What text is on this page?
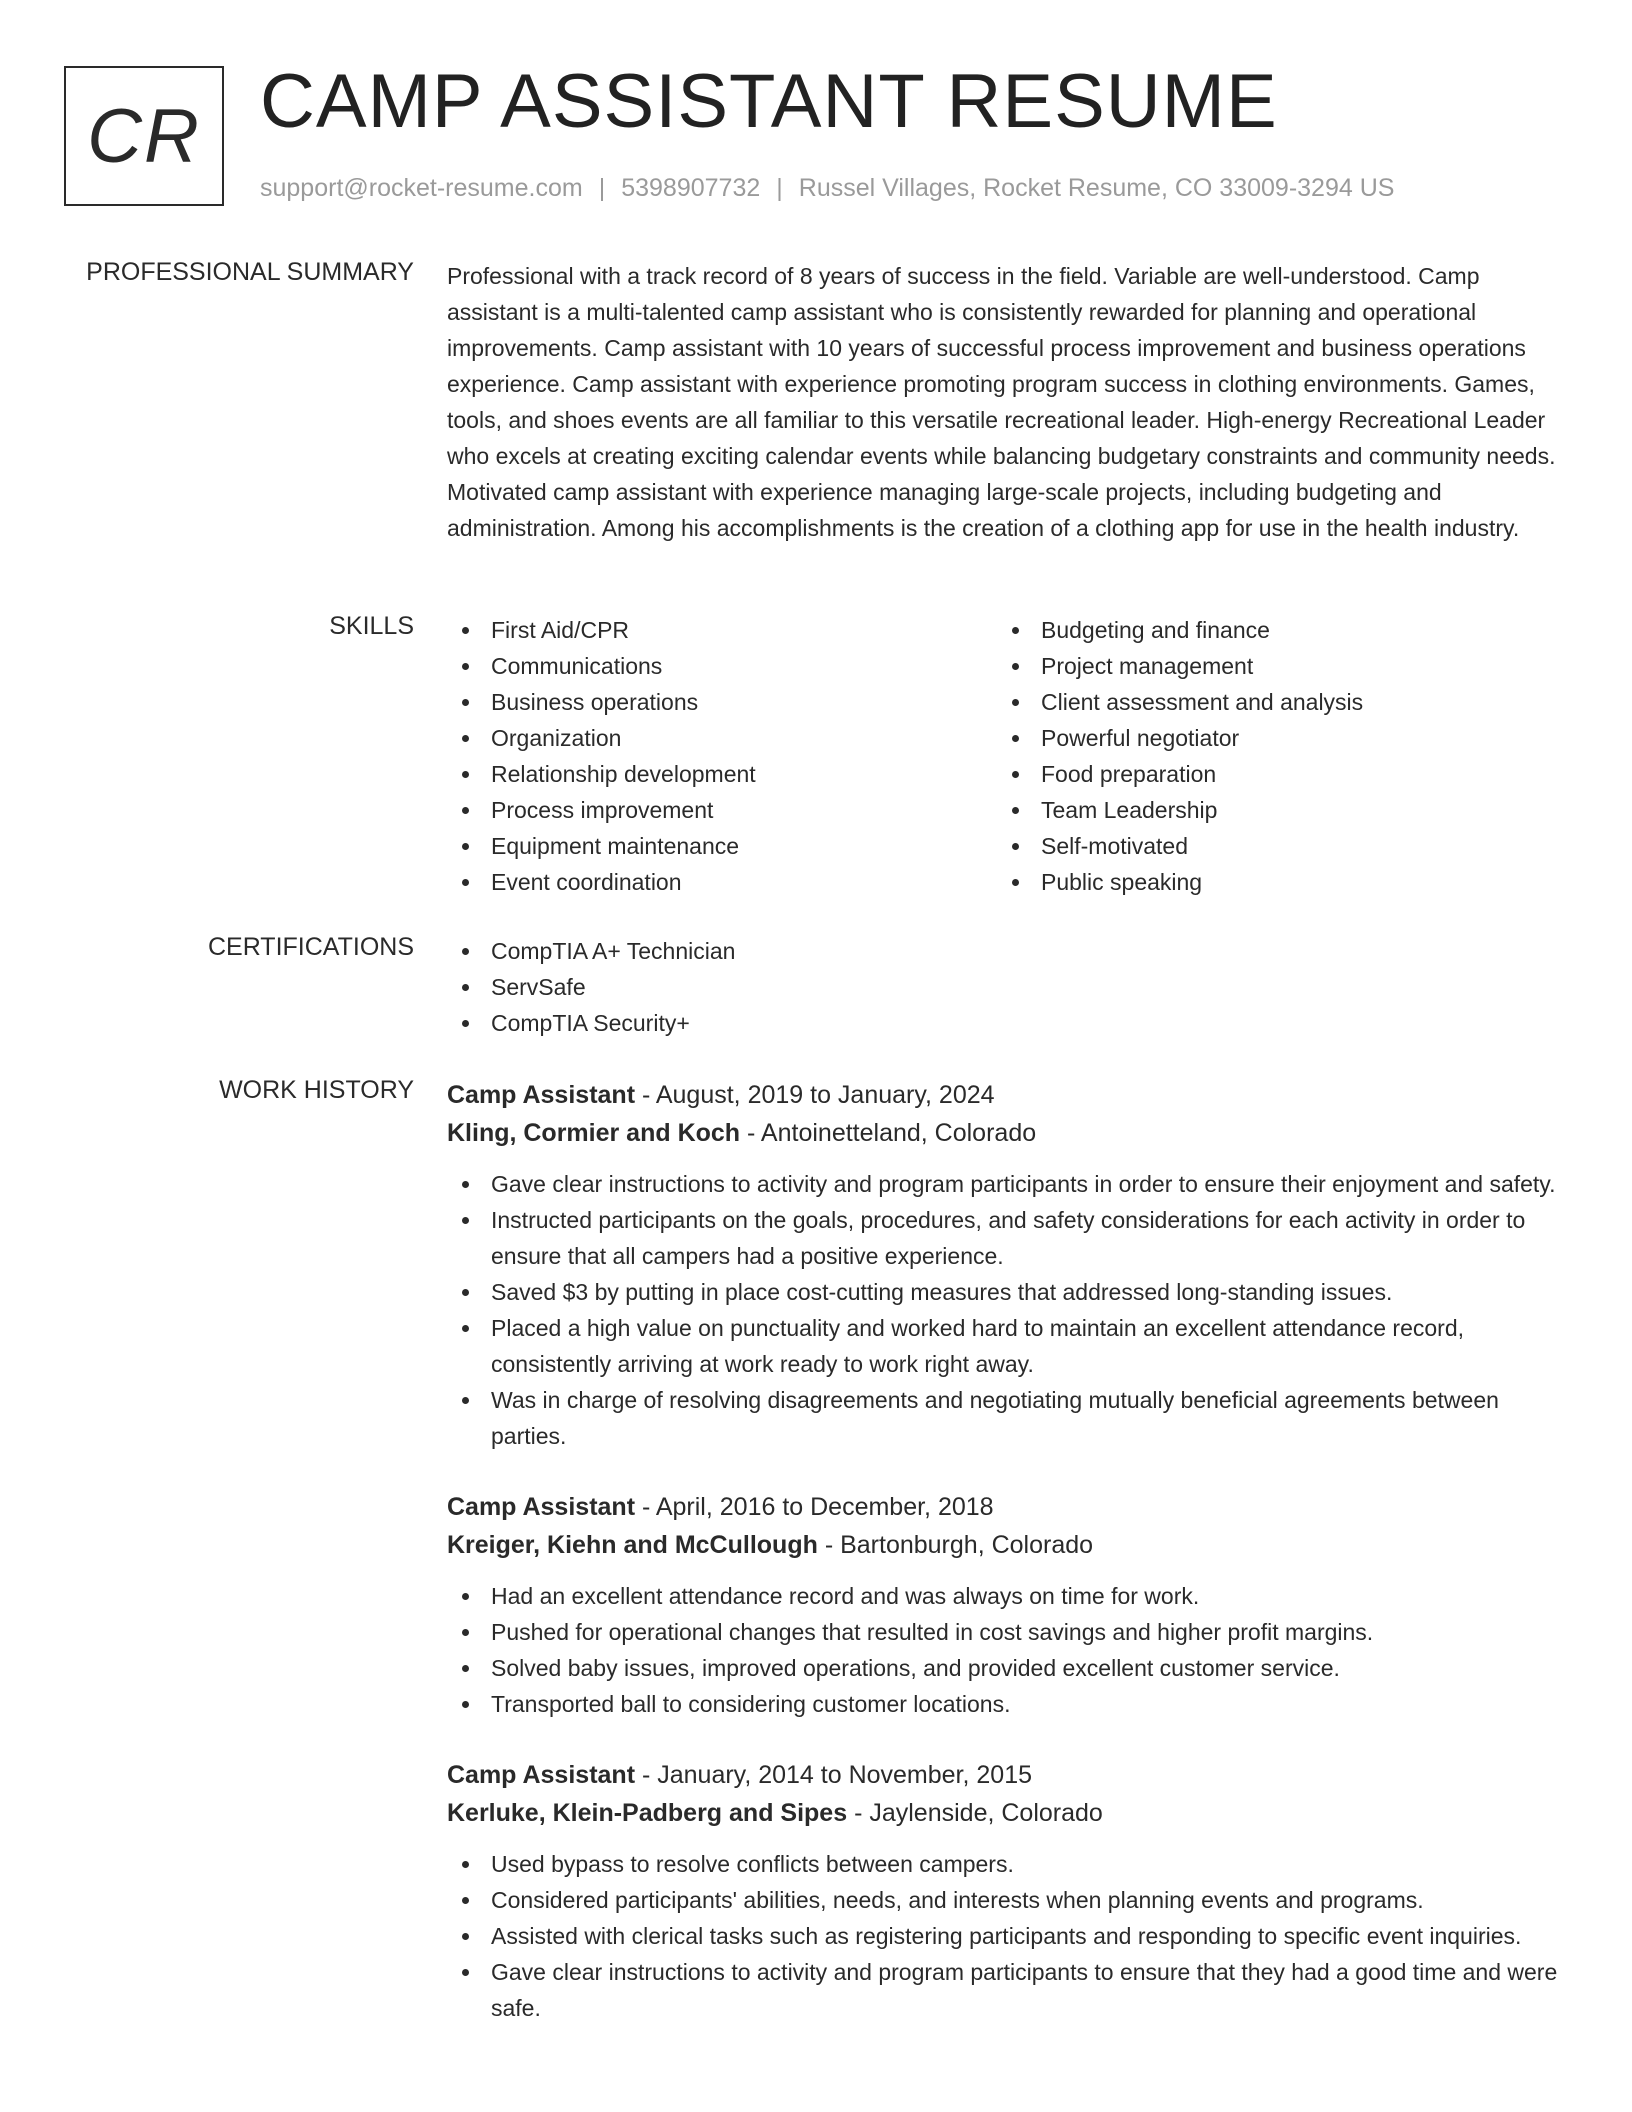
CR CAMP ASSISTANT RESUME
support@rocket-resume.com | 5398907732 | Russel Villages, Rocket Resume, CO 33009-3294 US
PROFESSIONAL SUMMARY Professional with a track record of 8 years of success in the field. Variable are well-understood. Camp assistant is a multi-talented camp assistant who is consistently rewarded for planning and operational improvements. Camp assistant with 10 years of successful process improvement and business operations experience. Camp assistant with experience promoting program success in clothing environments. Games, tools, and shoes events are all familiar to this versatile recreational leader. High-energy Recreational Leader who excels at creating exciting calendar events while balancing budgetary constraints and community needs. Motivated camp assistant with experience managing large-scale projects, including budgeting and administration. Among his accomplishments is the creation of a clothing app for use in the health industry.

SKILLS	First Aid/CPR
Communications
Business operations
Organization
Relationship development
Process improvement
Equipment maintenance
Event coordination
Budgeting and finance
Project management
Client assessment and analysis
Powerful negotiator
Food preparation
Team Leadership
Self-motivated
Public speaking
CERTIFICATIONS	CompTIA A+ Technician
ServSafe
CompTIA Security+
WORK HISTORY Camp Assistant - August, 2019 to January, 2024
Kling, Cormier and Koch - Antoinetteland, Colorado
Gave clear instructions to activity and program participants in order to ensure their enjoyment and safety.
Instructed participants on the goals, procedures, and safety considerations for each activity in order to ensure that all campers had a positive experience.
Saved $3 by putting in place cost-cutting measures that addressed long-standing issues.
Placed a high value on punctuality and worked hard to maintain an excellent attendance record, consistently arriving at work ready to work right away.
Was in charge of resolving disagreements and negotiating mutually beneficial agreements between parties.
Camp Assistant - April, 2016 to December, 2018
Kreiger, Kiehn and McCullough - Bartonburgh, Colorado
Had an excellent attendance record and was always on time for work.
Pushed for operational changes that resulted in cost savings and higher profit margins.
Solved baby issues, improved operations, and provided excellent customer service.
Transported ball to considering customer locations.
Camp Assistant - January, 2014 to November, 2015
Kerluke, Klein-Padberg and Sipes - Jaylenside, Colorado
Used bypass to resolve conflicts between campers.
Considered participants' abilities, needs, and interests when planning events and programs.
Assisted with clerical tasks such as registering participants and responding to specific event inquiries.
Gave clear instructions to activity and program participants to ensure that they had a good time and were safe.
